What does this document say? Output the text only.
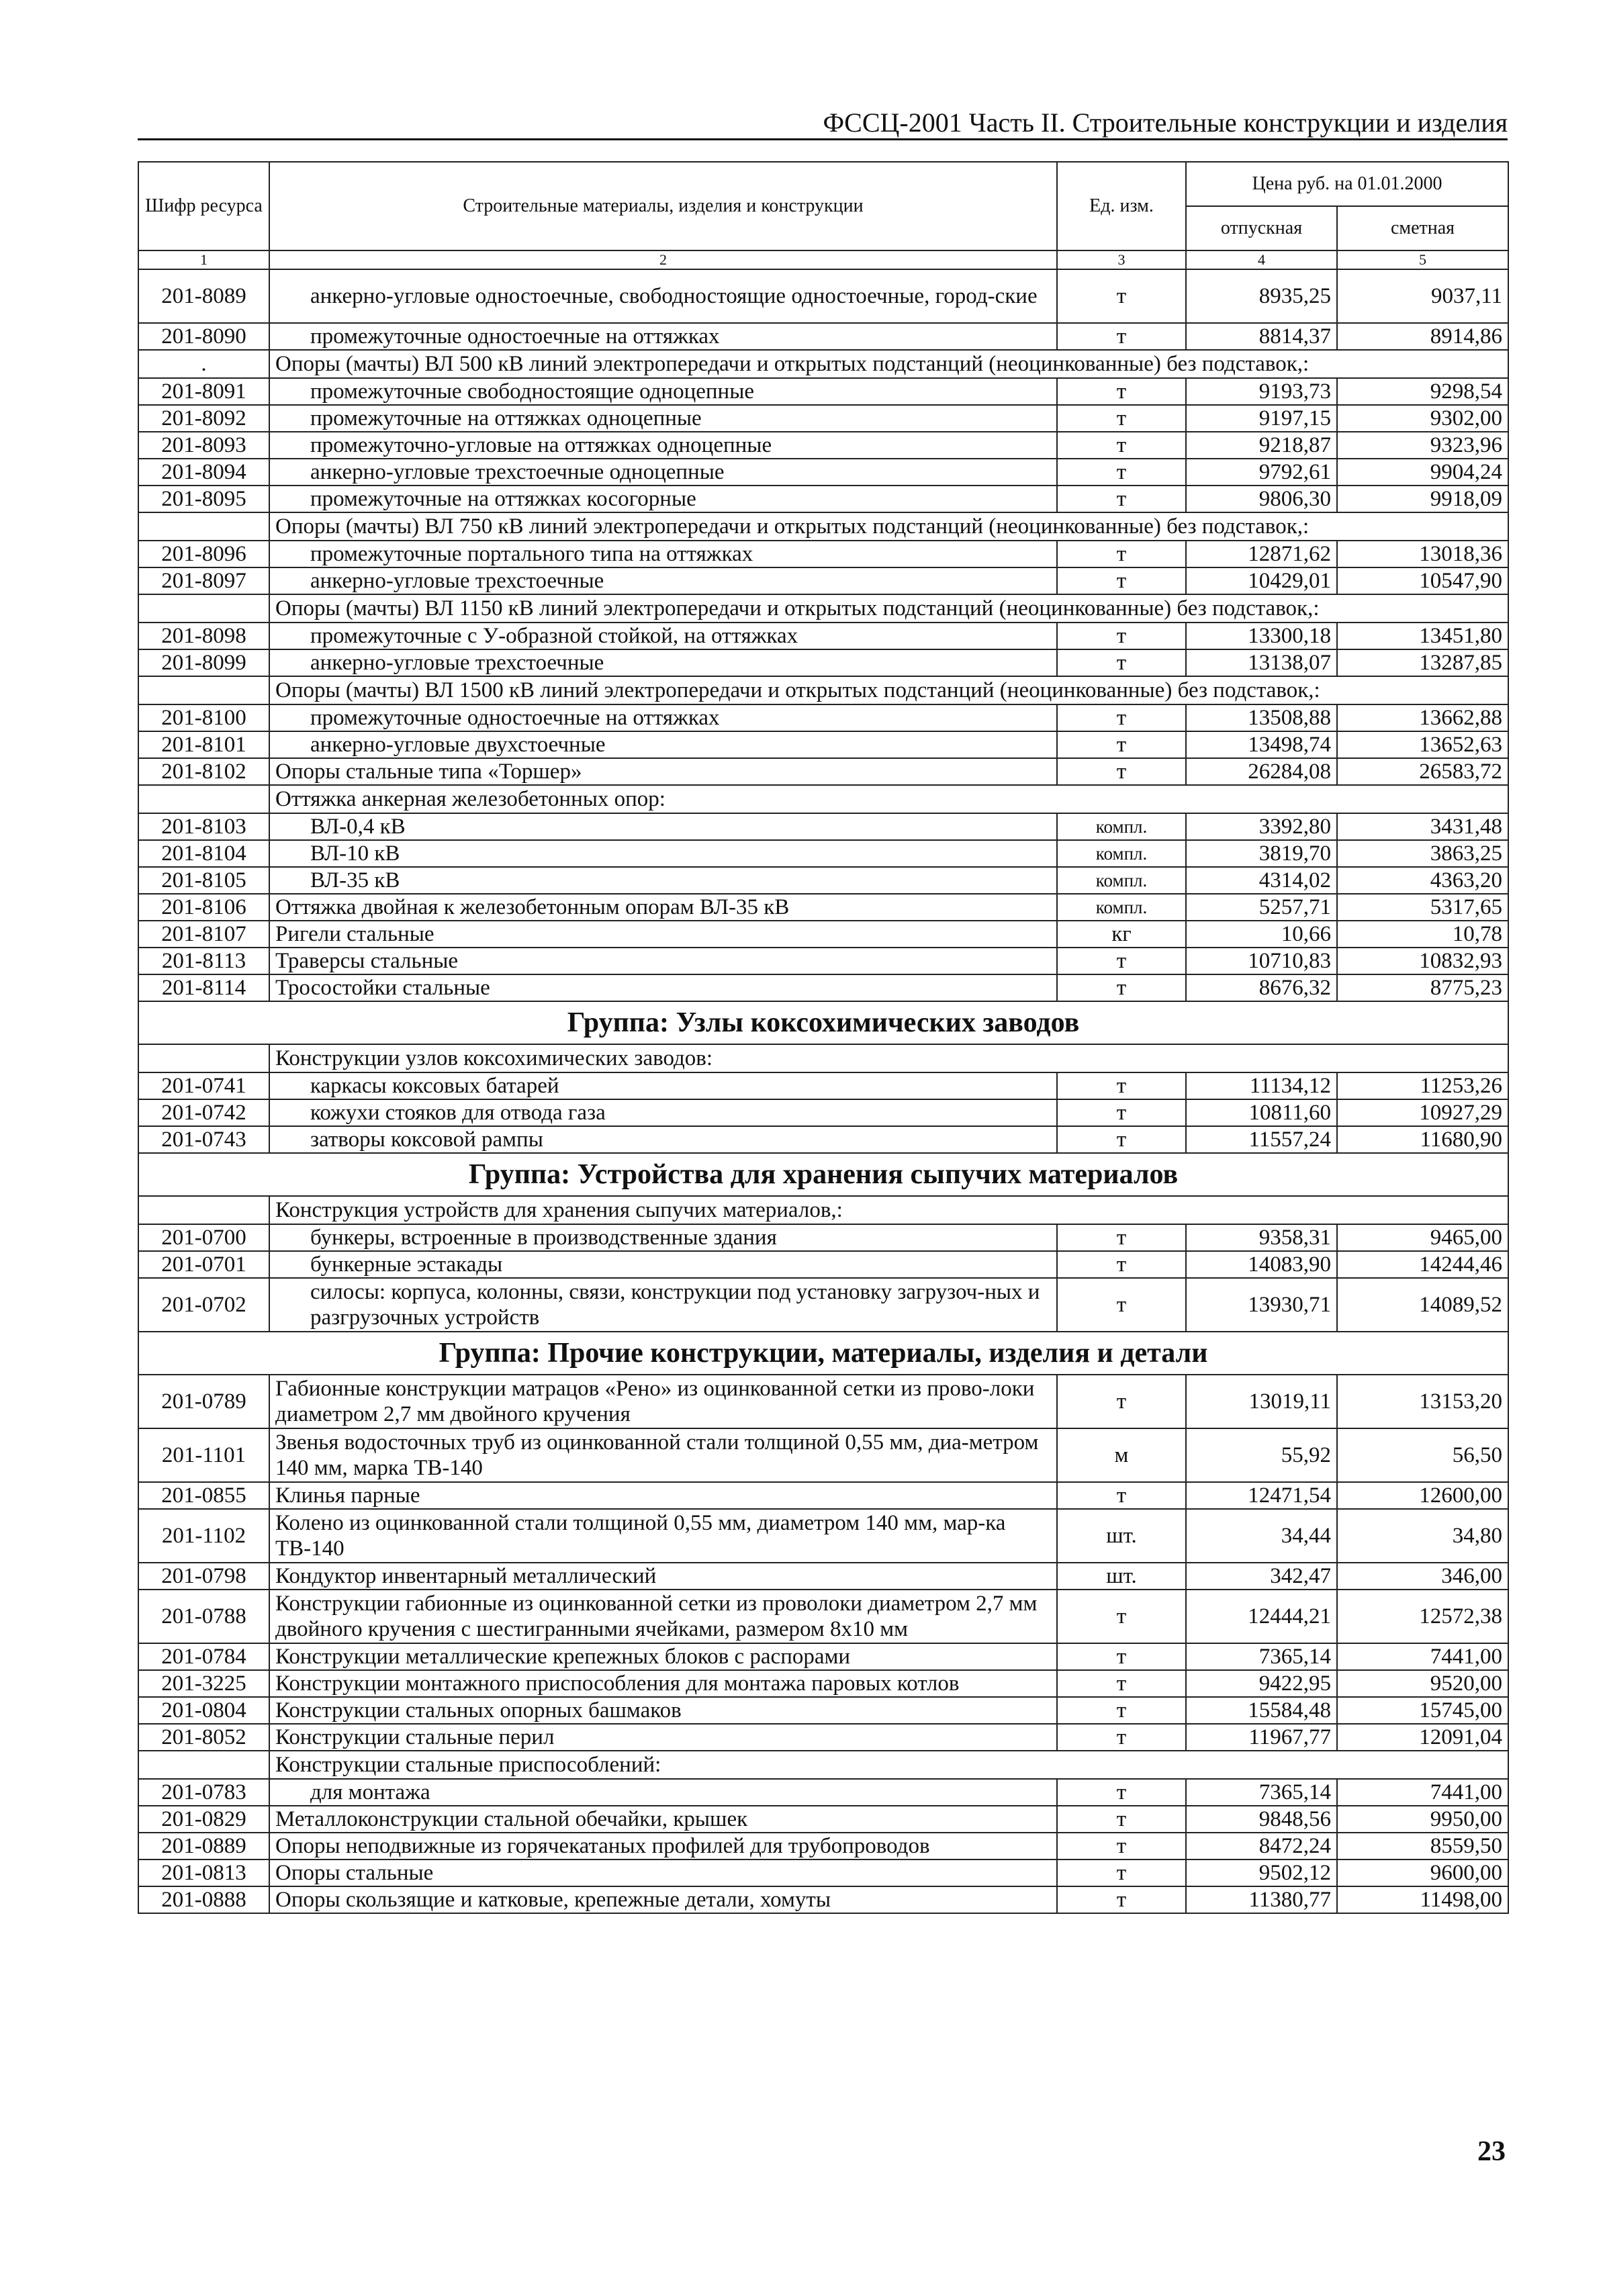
ФССЦ-2001 Часть II. Строительные конструкции и изделия
Шифр ресурса	Строительные материалы, изделия и конструкции	Ед. изм.	Цена руб. на 01.01.2000	
			отпускная	сметная
1	2	3	4	5
201-8089	анкерно-угловые одностоечные, свободностоящие одностоечные, город-ские	т	8935,25	9037,11
201-8090	промежуточные одностоечные на оттяжках	т	8814,37	8914,86
.	Опоры (мачты) ВЛ 500 кВ линий электропередачи и открытых подстанций (неоцинкованные) без подставок,:			
201-8091	промежуточные свободностоящие одноцепные	т	9193,73	9298,54
201-8092	промежуточные на оттяжках одноцепные	т	9197,15	9302,00
201-8093	промежуточно-угловые на оттяжках одноцепные	т	9218,87	9323,96
201-8094	анкерно-угловые трехстоечные одноцепные	т	9792,61	9904,24
201-8095	промежуточные на оттяжках косогорные	т	9806,30	9918,09
	Опоры (мачты) ВЛ 750 кВ линий электропередачи и открытых подстанций (неоцинкованные) без подставок,:			
201-8096	промежуточные портального типа на оттяжках	т	12871,62	13018,36
201-8097	анкерно-угловые трехстоечные	т	10429,01	10547,90
	Опоры (мачты) ВЛ 1150 кВ линий электропередачи и открытых подстанций (неоцинкованные) без подставок,:			
201-8098	промежуточные с У-образной стойкой, на оттяжках	т	13300,18	13451,80
201-8099	анкерно-угловые трехстоечные	т	13138,07	13287,85
	Опоры (мачты) ВЛ 1500 кВ линий электропередачи и открытых подстанций (неоцинкованные) без подставок,:			
201-8100	промежуточные одностоечные на оттяжках	т	13508,88	13662,88
201-8101	анкерно-угловые двухстоечные	т	13498,74	13652,63
201-8102	Опоры стальные типа «Торшер»	т	26284,08	26583,72
	Оттяжка анкерная железобетонных опор:			
201-8103	ВЛ-0,4 кВ	компл.	3392,80	3431,48
201-8104	ВЛ-10 кВ	компл.	3819,70	3863,25
201-8105	ВЛ-35 кВ	компл.	4314,02	4363,20
201-8106	Оттяжка двойная к железобетонным опорам ВЛ-35 кВ	компл.	5257,71	5317,65
201-8107	Ригели стальные	кг	10,66	10,78
201-8113	Траверсы стальные	т	10710,83	10832,93
201-8114	Тросостойки стальные	т	8676,32	8775,23
Группа: Узлы коксохимических заводов				
	Конструкции узлов коксохимических заводов:			
201-0741	каркасы коксовых батарей	т	11134,12	11253,26
201-0742	кожухи стояков для отвода газа	т	10811,60	10927,29
201-0743	затворы коксовой рампы	т	11557,24	11680,90
Группа: Устройства для хранения сыпучих материалов				
	Конструкция устройств для хранения сыпучих материалов,:			
201-0700	бункеры, встроенные в производственные здания	т	9358,31	9465,00
201-0701	бункерные эстакады	т	14083,90	14244,46
201-0702	силосы: корпуса, колонны, связи, конструкции под установку загрузоч-ных и разгрузочных устройств	т	13930,71	14089,52
Группа: Прочие конструкции, материалы, изделия и детали				
201-0789	Габионные конструкции матрацов «Рено» из оцинкованной сетки из прово-локи диаметром 2,7 мм двойного кручения	т	13019,11	13153,20
201-1101	Звенья водосточных труб из оцинкованной стали толщиной 0,55 мм, диа-метром 140 мм, марка ТВ-140	м	55,92	56,50
201-0855	Клинья парные	т	12471,54	12600,00
201-1102	Колено из оцинкованной стали толщиной 0,55 мм, диаметром 140 мм, мар-ка ТВ-140	шт.	34,44	34,80
201-0798	Кондуктор инвентарный металлический	шт.	342,47	346,00
201-0788	Конструкции габионные из оцинкованной сетки из проволоки диаметром 2,7 мм двойного кручения с шестигранными ячейками, размером 8х10 мм	т	12444,21	12572,38
201-0784	Конструкции металлические крепежных блоков с распорами	т	7365,14	7441,00
201-3225	Конструкции монтажного приспособления для монтажа паровых котлов	т	9422,95	9520,00
201-0804	Конструкции стальных опорных башмаков	т	15584,48	15745,00
201-8052	Конструкции стальные перил	т	11967,77	12091,04
	Конструкции стальные приспособлений:			
201-0783	для монтажа	т	7365,14	7441,00
201-0829	Металлоконструкции стальной обечайки, крышек	т	9848,56	9950,00
201-0889	Опоры неподвижные из горячекатаных профилей для трубопроводов	т	8472,24	8559,50
201-0813	Опоры стальные	т	9502,12	9600,00
201-0888	Опоры скользящие и катковые, крепежные детали, хомуты	т	11380,77	11498,00
23
